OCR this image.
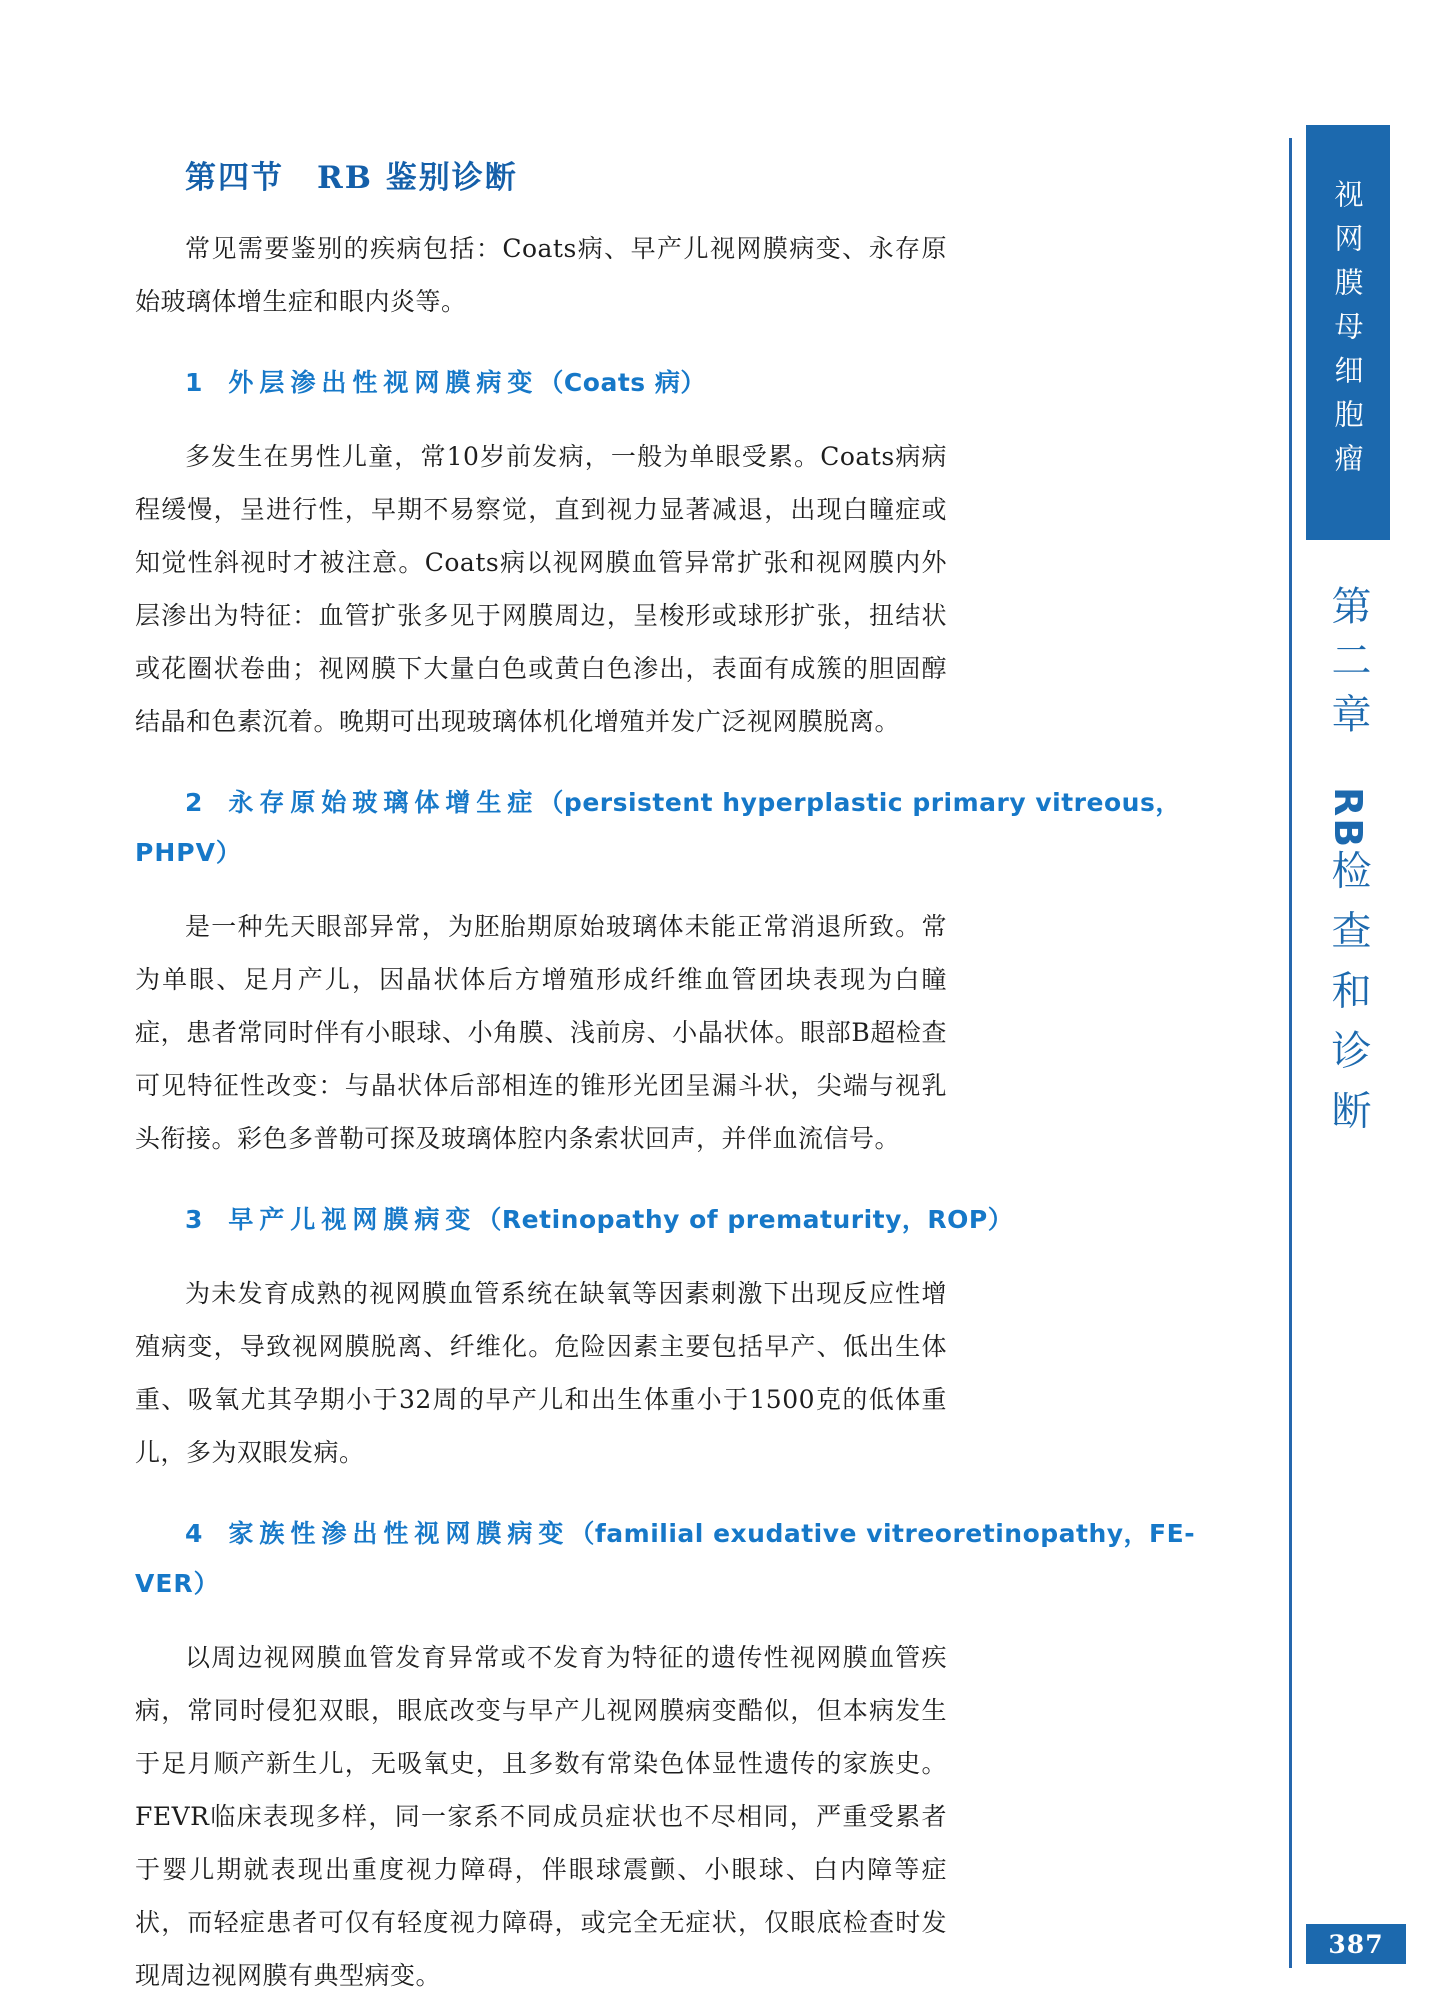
第四节　RB 鉴别诊断

常见需要鉴别的疾病包括：Coats病、早产儿视网膜病变、永存原始玻璃体增生症和眼内炎等。

1 外层渗出性视网膜病变（Coats 病）

多发生在男性儿童，常10岁前发病，一般为单眼受累。Coats病病程缓慢，呈进行性，早期不易察觉，直到视力显著减退，出现白瞳症或知觉性斜视时才被注意。Coats病以视网膜血管异常扩张和视网膜内外层渗出为特征：血管扩张多见于网膜周边，呈梭形或球形扩张，扭结状或花圈状卷曲；视网膜下大量白色或黄白色渗出，表面有成簇的胆固醇结晶和色素沉着。晚期可出现玻璃体机化增殖并发广泛视网膜脱离。

2 永存原始玻璃体增生症（persistent hyperplastic primary vitreous，
PHPV）

是一种先天眼部异常，为胚胎期原始玻璃体未能正常消退所致。常为单眼、足月产儿，因晶状体后方增殖形成纤维血管团块表现为白瞳症，患者常同时伴有小眼球、小角膜、浅前房、小晶状体。眼部B超检查可见特征性改变：与晶状体后部相连的锥形光团呈漏斗状，尖端与视乳头衔接。彩色多普勒可探及玻璃体腔内条索状回声，并伴血流信号。

3 早产儿视网膜病变（Retinopathy of prematurity，ROP）

为未发育成熟的视网膜血管系统在缺氧等因素刺激下出现反应性增殖病变，导致视网膜脱离、纤维化。危险因素主要包括早产、低出生体重、吸氧尤其孕期小于32周的早产儿和出生体重小于1500克的低体重儿，多为双眼发病。

4 家族性渗出性视网膜病变（familial exudative vitreoretinopathy，FE-
VER）

以周边视网膜血管发育异常或不发育为特征的遗传性视网膜血管疾病，常同时侵犯双眼，眼底改变与早产儿视网膜病变酷似，但本病发生于足月顺产新生儿，无吸氧史，且多数有常染色体显性遗传的家族史。FEVR临床表现多样，同一家系不同成员症状也不尽相同，严重受累者于婴儿期就表现出重度视力障碍，伴眼球震颤、小眼球、白内障等症状，而轻症患者可仅有轻度视力障碍，或完全无症状，仅眼底检查时发现周边视网膜有典型病变。

视网膜母细胞瘤
第二章RB检查和诊断
387
